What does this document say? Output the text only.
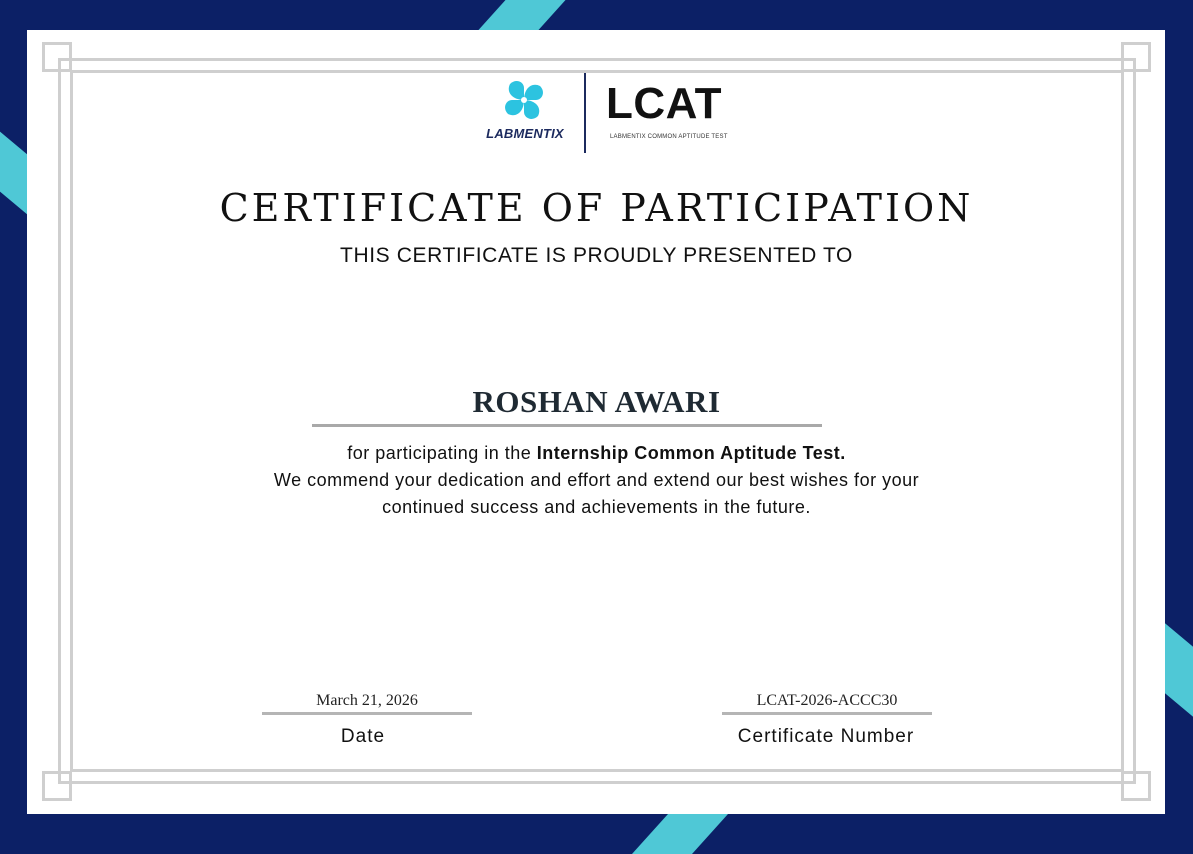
LABMENTIX
LCAT
LABMENTIX COMMON APTITUDE TEST
CERTIFICATE OF PARTICIPATION
THIS CERTIFICATE IS PROUDLY PRESENTED TO
ROSHAN AWARI
for participating in the Internship Common Aptitude Test.
We commend your dedication and effort and extend our best wishes for your
continued success and achievements in the future.
March 21, 2026
Date
LCAT-2026-ACCC30
Certificate Number
